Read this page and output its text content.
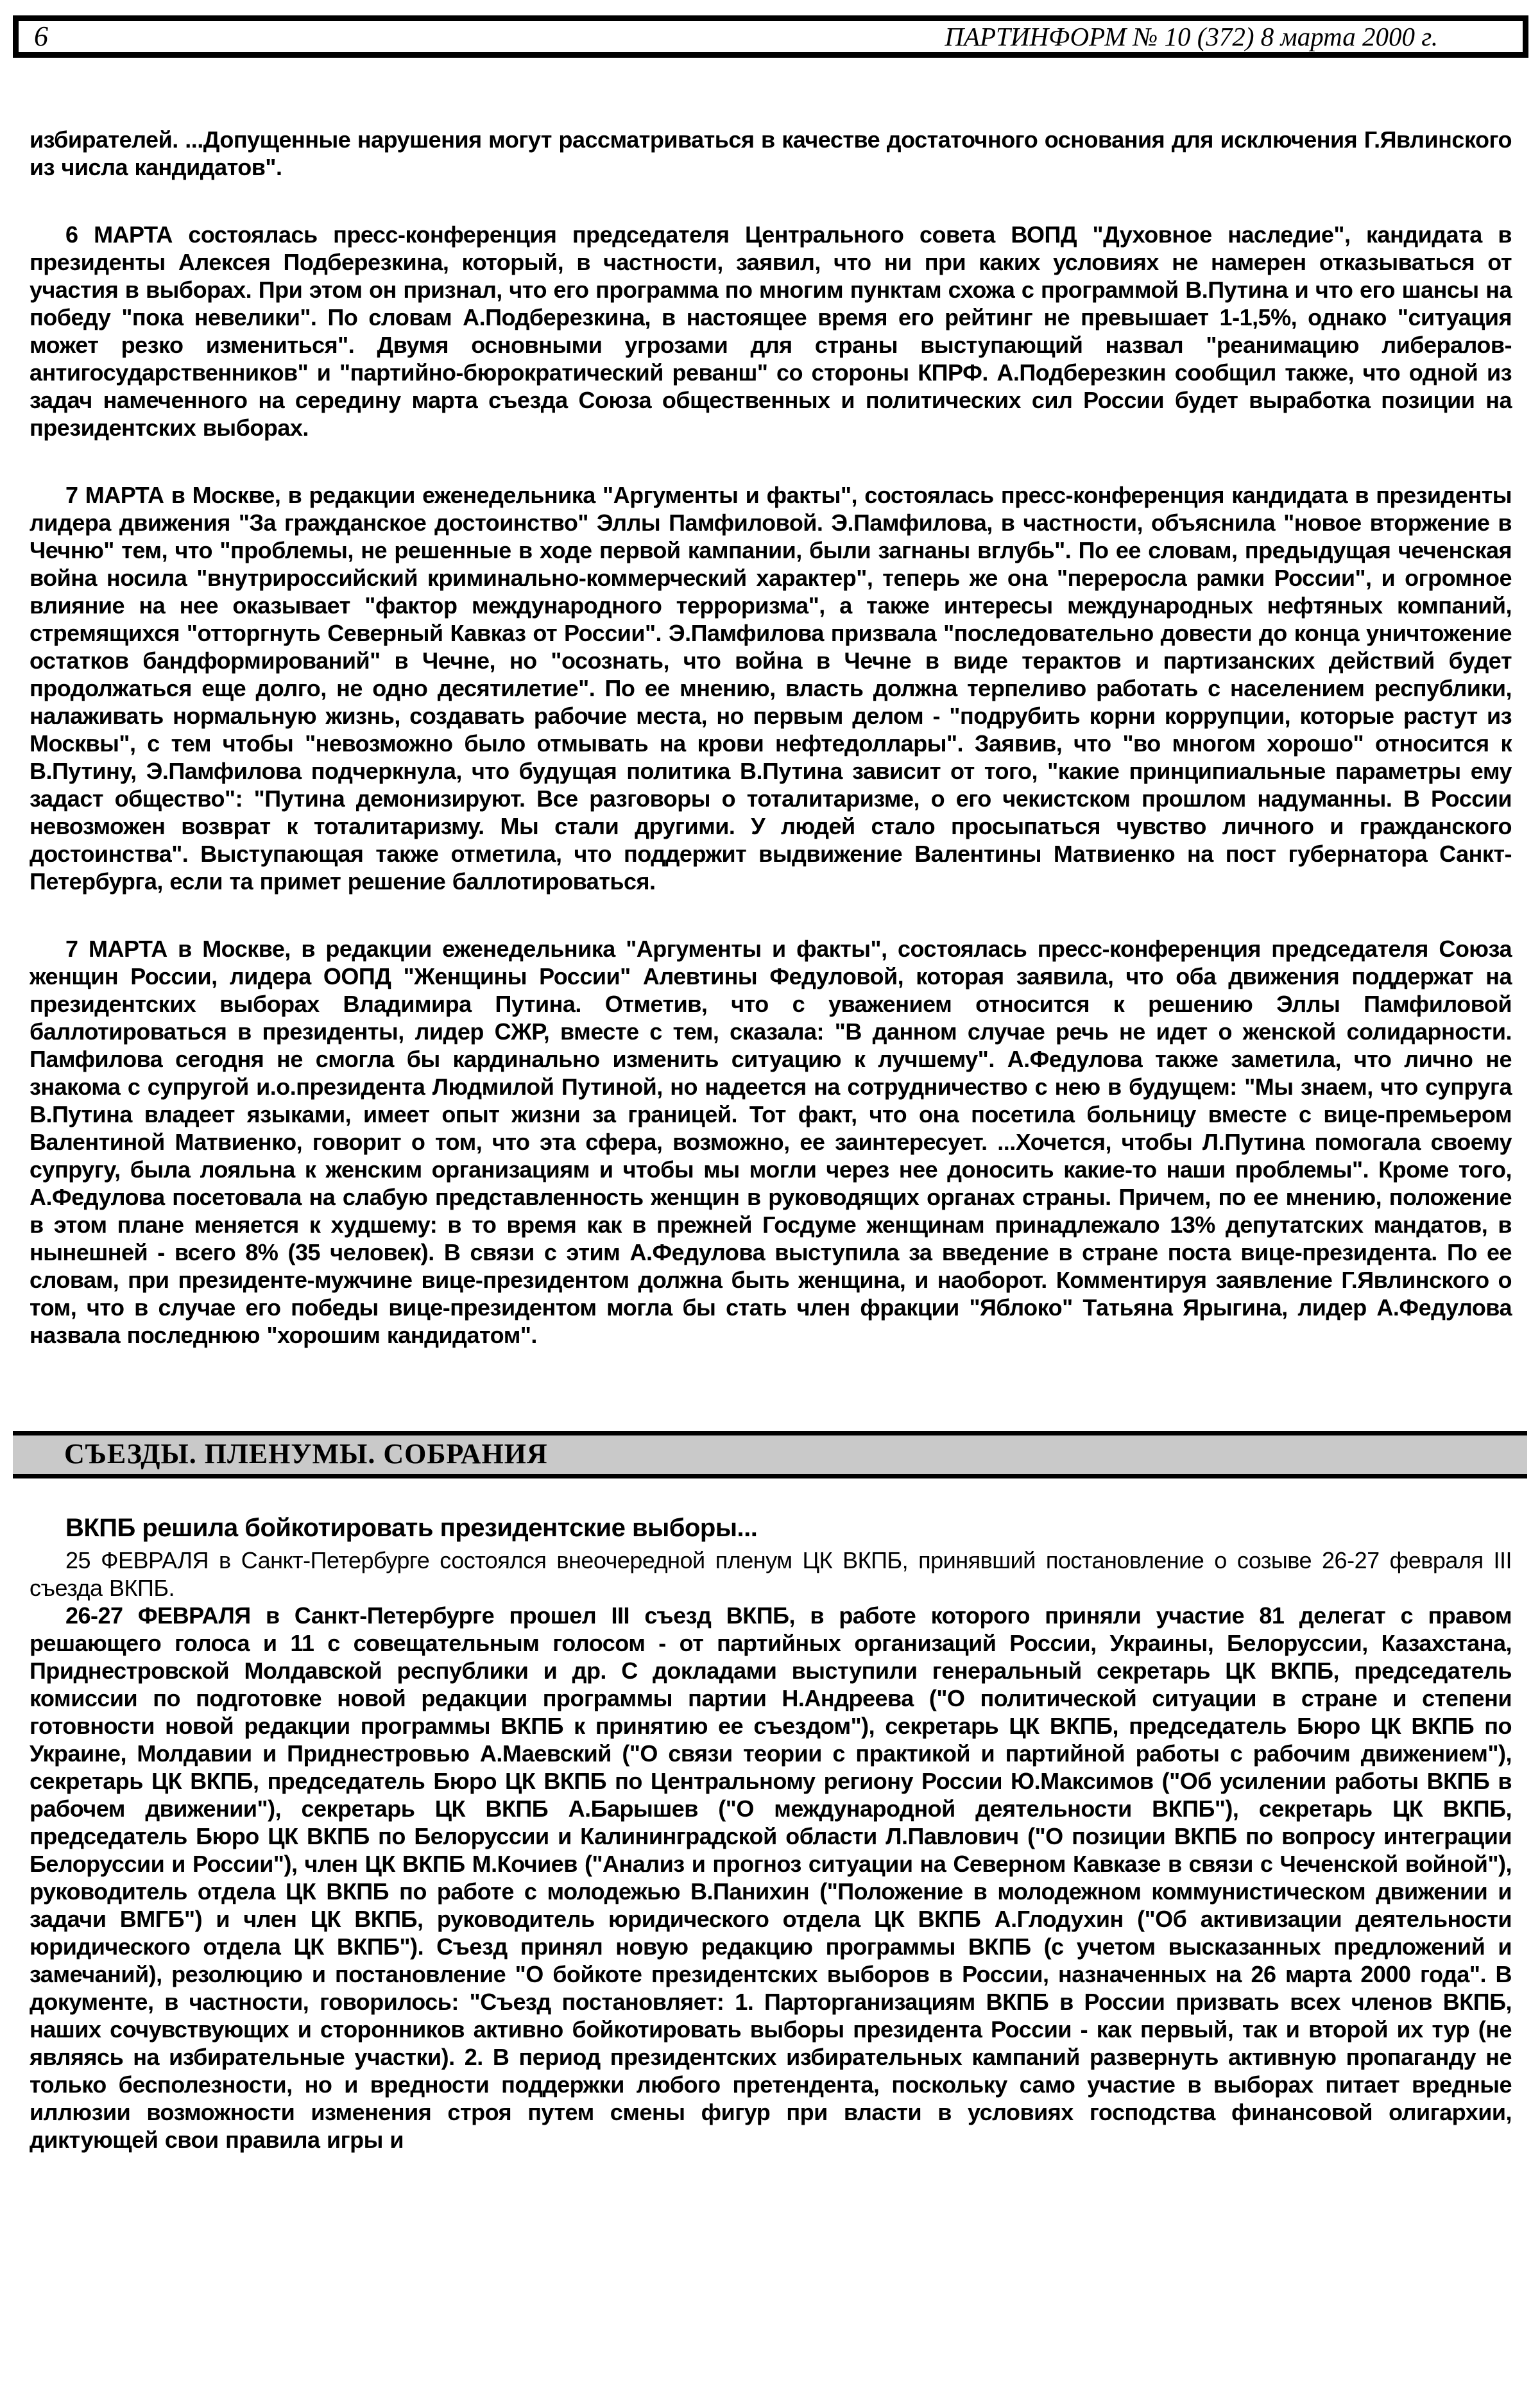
6	ПАРТИНФОРМ № 10 (372) 8 марта 2000 г.

избирателей. ...Допущенные нарушения могут рассматриваться в качестве достаточного основания для исключения Г.Явлинского из числа кандидатов".

6 МАРТА состоялась пресс-конференция председателя Центрального совета ВОПД "Духовное наследие", кандидата в президенты Алексея Подберезкина, который, в частности, заявил, что ни при каких условиях не намерен отказываться от участия в выборах. При этом он признал, что его программа по многим пунктам схожа с программой В.Путина и что его шансы на победу "пока невелики". По словам А.Подберезкина, в настоящее время его рейтинг не превышает 1-1,5%, однако "ситуация может резко измениться". Двумя основными угрозами для страны выступающий назвал "реанимацию либералов-антигосударственников" и "партийно-бюрократический реванш" со стороны КПРФ. А.Подберезкин сообщил также, что одной из задач намеченного на середину марта съезда Союза общественных и политических сил России будет выработка позиции на президентских выборах.

7 МАРТА в Москве, в редакции еженедельника "Аргументы и факты", состоялась пресс-конференция кандидата в президенты лидера движения "За гражданское достоинство" Эллы Памфиловой. Э.Памфилова, в частности, объяснила "новое вторжение в Чечню" тем, что "проблемы, не решенные в ходе первой кампании, были загнаны вглубь". По ее словам, предыдущая чеченская война носила "внутрироссийский криминально-коммерческий характер", теперь же она "переросла рамки России", и огромное влияние на нее оказывает "фактор международного терроризма", а также интересы международных нефтяных компаний, стремящихся "отторгнуть Северный Кавказ от России". Э.Памфилова призвала "последовательно довести до конца уничтожение остатков бандформирований" в Чечне, но "осознать, что война в Чечне в виде терактов и партизанских действий будет продолжаться еще долго, не одно десятилетие". По ее мнению, власть должна терпеливо работать с населением республики, налаживать нормальную жизнь, создавать рабочие места, но первым делом - "подрубить корни коррупции, которые растут из Москвы", с тем чтобы "невозможно было отмывать на крови нефтедоллары". Заявив, что "во многом хорошо" относится к В.Путину, Э.Памфилова подчеркнула, что будущая политика В.Путина зависит от того, "какие принципиальные параметры ему задаст общество": "Путина демонизируют. Все разговоры о тоталитаризме, о его чекистском прошлом надуманны. В России невозможен возврат к тоталитаризму. Мы стали другими. У людей стало просыпаться чувство личного и гражданского достоинства". Выступающая также отметила, что поддержит выдвижение Валентины Матвиенко на пост губернатора Санкт-Петербурга, если та примет решение баллотироваться.

7 МАРТА в Москве, в редакции еженедельника "Аргументы и факты", состоялась пресс-конференция председателя Союза женщин России, лидера ООПД "Женщины России" Алевтины Федуловой, которая заявила, что оба движения поддержат на президентских выборах Владимира Путина. Отметив, что с уважением относится к решению Эллы Памфиловой баллотироваться в президенты, лидер СЖР, вместе с тем, сказала: "В данном случае речь не идет о женской солидарности. Памфилова сегодня не смогла бы кардинально изменить ситуацию к лучшему". А.Федулова также заметила, что лично не знакома с супругой и.о.президента Людмилой Путиной, но надеется на сотрудничество с нею в будущем: "Мы знаем, что супруга В.Путина владеет языками, имеет опыт жизни за границей. Тот факт, что она посетила больницу вместе с вице-премьером Валентиной Матвиенко, говорит о том, что эта сфера, возможно, ее заинтересует. ...Хочется, чтобы Л.Путина помогала своему супругу, была лояльна к женским организациям и чтобы мы могли через нее доносить какие-то наши проблемы". Кроме того, А.Федулова посетовала на слабую представленность женщин в руководящих органах страны. Причем, по ее мнению, положение в этом плане меняется к худшему: в то время как в прежней Госдуме женщинам принадлежало 13% депутатских мандатов, в нынешней - всего 8% (35 человек). В связи с этим А.Федулова выступила за введение в стране поста вице-президента. По ее словам, при президенте-мужчине вице-президентом должна быть женщина, и наоборот. Комментируя заявление Г.Явлинского о том, что в случае его победы вице-президентом могла бы стать член фракции "Яблоко" Татьяна Ярыгина, лидер А.Федулова назвала последнюю "хорошим кандидатом".

СЪЕЗДЫ. ПЛЕНУМЫ. СОБРАНИЯ
ВКПБ решила бойкотировать президентские выборы...

25 ФЕВРАЛЯ в Санкт-Петербурге состоялся внеочередной пленум ЦК ВКПБ, принявший постановление о созыве 26-27 февраля III съезда ВКПБ.

26-27 ФЕВРАЛЯ в Санкт-Петербурге прошел III съезд ВКПБ, в работе которого приняли участие 81 делегат с правом решающего голоса и 11 с совещательным голосом - от партийных организаций России, Украины, Белоруссии, Казахстана, Приднестровской Молдавской республики и др. С докладами выступили генеральный секретарь ЦК ВКПБ, председатель комиссии по подготовке новой редакции программы партии Н.Андреева ("О политической ситуации в стране и степени готовности новой редакции программы ВКПБ к принятию ее съездом"), секретарь ЦК ВКПБ, председатель Бюро ЦК ВКПБ по Украине, Молдавии и Приднестровью А.Маевский ("О связи теории с практикой и партийной работы с рабочим движением"), секретарь ЦК ВКПБ, председатель Бюро ЦК ВКПБ по Центральному региону России Ю.Максимов ("Об усилении работы ВКПБ в рабочем движении"), секретарь ЦК ВКПБ А.Барышев ("О международной деятельности ВКПБ"), секретарь ЦК ВКПБ, председатель Бюро ЦК ВКПБ по Белоруссии и Калининградской области Л.Павлович ("О позиции ВКПБ по вопросу интеграции Белоруссии и России"), член ЦК ВКПБ М.Кочиев ("Анализ и прогноз ситуации на Северном Кавказе в связи с Чеченской войной"), руководитель отдела ЦК ВКПБ по работе с молодежью В.Панихин ("Положение в молодежном коммунистическом движении и задачи ВМГБ") и член ЦК ВКПБ, руководитель юридического отдела ЦК ВКПБ А.Глодухин ("Об активизации деятельности юридического отдела ЦК ВКПБ"). Съезд принял новую редакцию программы ВКПБ (с учетом высказанных предложений и замечаний), резолюцию и постановление "О бойкоте президентских выборов в России, назначенных на 26 марта 2000 года". В документе, в частности, говорилось: "Съезд постановляет: 1. Парторганизациям ВКПБ в России призвать всех членов ВКПБ, наших сочувствующих и сторонников активно бойкотировать выборы президента России - как первый, так и второй их тур (не являясь на избирательные участки). 2. В период президентских избирательных кампаний развернуть активную пропаганду не только бесполезности, но и вредности поддержки любого претендента, поскольку само участие в выборах питает вредные иллюзии возможности изменения строя путем смены фигур при власти в условиях господства финансовой олигархии, диктующей свои правила игры и
